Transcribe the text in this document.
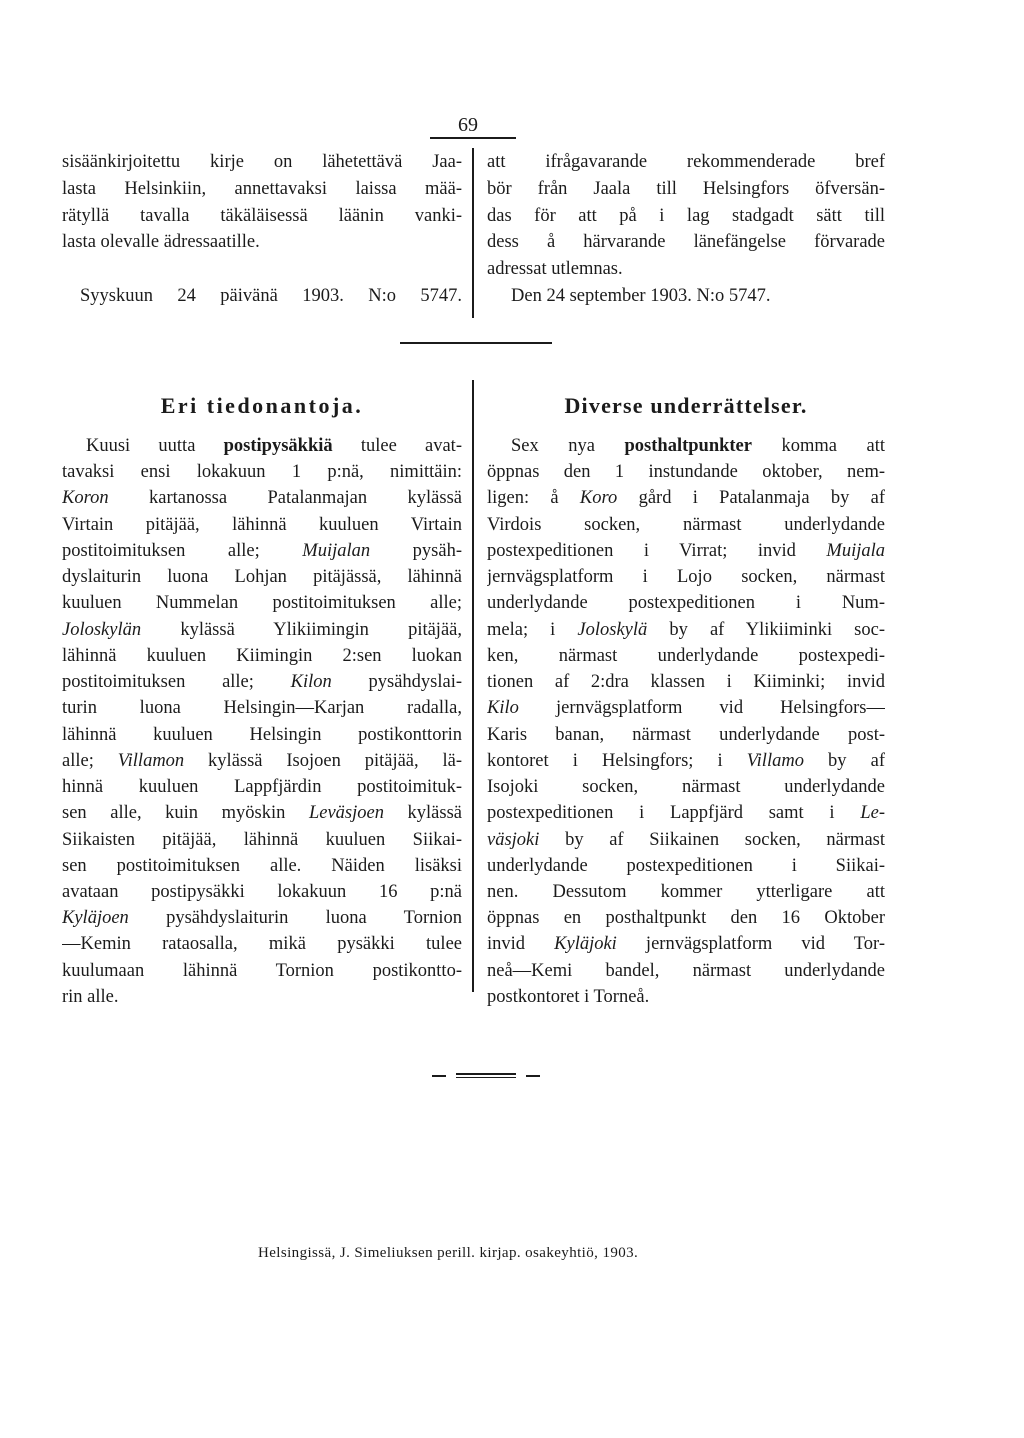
69
sisäänkirjoitettu kirje on lähetettävä Jaa-
lasta Helsinkiin, annettavaksi laissa mää-
rätyllä tavalla täkäläisessä läänin vanki-
lasta olevalle ädressaatille.
Syyskuun 24 päivänä 1903. N:o 5747.
att ifrågavarande rekommenderade bref
bör från Jaala till Helsingfors öfversän-
das för att på i lag stadgadt sätt till
dess å härvarande länefängelse förvarade
adressat utlemnas.
Den 24 september 1903. N:o 5747.
Eri tiedonantoja.	Diverse underrättelser.
Kuusi uutta postipysäkkiä tulee avat-
tavaksi ensi lokakuun 1 p:nä, nimittäin:
Koron kartanossa Patalanmajan kylässä
Virtain pitäjää, lähinnä kuuluen Virtain
postitoimituksen alle; Muijalan pysäh-
dyslaiturin luona Lohjan pitäjässä, lähinnä
kuuluen Nummelan postitoimituksen alle;
Joloskylän kylässä Ylikiimingin pitäjää,
lähinnä kuuluen Kiimingin 2:sen luokan
postitoimituksen alle; Kilon pysähdyslai-
turin luona Helsingin—Karjan radalla,
lähinnä kuuluen Helsingin postikonttorin
alle; Villamon kylässä Isojoen pitäjää, lä-
hinnä kuuluen Lappfjärdin postitoimituk-
sen alle, kuin myöskin Leväsjoen kylässä
Siikaisten pitäjää, lähinnä kuuluen Siikai-
sen postitoimituksen alle. Näiden lisäksi
avataan postipysäkki lokakuun 16 p:nä
Kyläjoen pysähdyslaiturin luona Tornion
—Kemin rataosalla, mikä pysäkki tulee
kuulumaan lähinnä Tornion postikontto-
rin alle.
Sex nya posthaltpunkter komma att
öppnas den 1 instundande oktober, nem-
ligen: å Koro gård i Patalanmaja by af
Virdois socken, närmast underlydande
postexpeditionen i Virrat; invid Muijala
jernvägsplatform i Lojo socken, närmast
underlydande postexpeditionen i Num-
mela; i Joloskylä by af Ylikiiminki soc-
ken, närmast underlydande postexpedi-
tionen af 2:dra klassen i Kiiminki; invid
Kilo jernvägsplatform vid Helsingfors—
Karis banan, närmast underlydande post-
kontoret i Helsingfors; i Villamo by af
Isojoki socken, närmast underlydande
postexpeditionen i Lappfjärd samt i Le-
väsjoki by af Siikainen socken, närmast
underlydande postexpeditionen i Siikai-
nen. Dessutom kommer ytterligare att
öppnas en posthaltpunkt den 16 Oktober
invid Kyläjoki jernvägsplatform vid Tor-
neå—Kemi bandel, närmast underlydande
postkontoret i Torneå.
Helsingissä, J. Simeliuksen perill. kirjap. osakeyhtiö, 1903.
